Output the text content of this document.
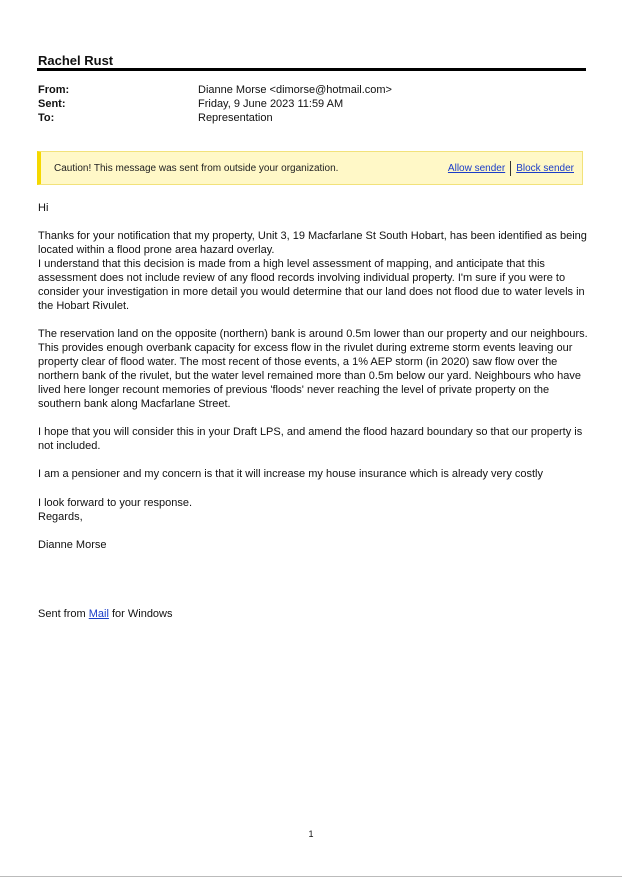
Rachel Rust
From:	Dianne Morse <dimorse@hotmail.com>
Sent:	Friday, 9 June 2023 11:59 AM
To:	Representation
Caution! This message was sent from outside your organization.	Allow sender Block sender
Hi

Thanks for your notification that my property, Unit 3, 19 Macfarlane St South Hobart, has been identified as being located within a flood prone area hazard overlay.

I understand that this decision is made from a high level assessment of mapping, and anticipate that this assessment does not include review of any flood records involving individual property. I'm sure if you were to consider your investigation in more detail you would determine that our land does not flood due to water levels in the Hobart Rivulet.

The reservation land on the opposite (northern) bank is around 0.5m lower than our property and our neighbours. This provides enough overbank capacity for excess flow in the rivulet during extreme storm events leaving our property clear of flood water. The most recent of those events, a 1% AEP storm (in 2020) saw flow over the northern bank of the rivulet, but the water level remained more than 0.5m below our yard. Neighbours who have lived here longer recount memories of previous 'floods' never reaching the level of private property on the southern bank along Macfarlane Street.
I hope that you will consider this in your Draft LPS, and amend the flood hazard boundary so that our property is not included.
I am a pensioner and my concern is that it will increase my house insurance which is already very costly

I look forward to your response.

Regards,

Dianne Morse
Sent from Mail for Windows
1
